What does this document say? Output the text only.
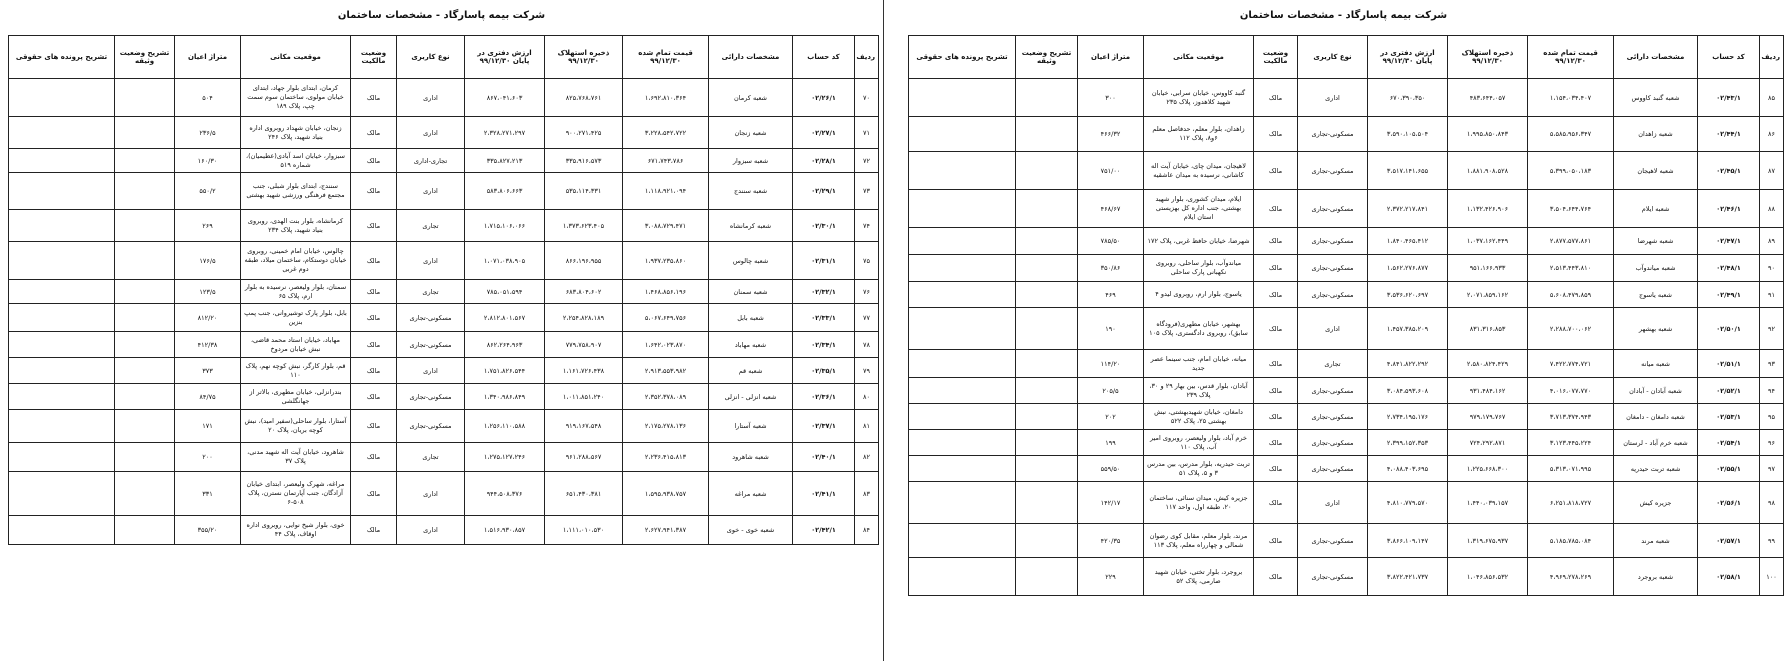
شرکت بیمه پاسارگاد - مشخصات ساختمان
ردیف	کد حساب	مشخصات دارائی	قیمت تمام شده ۹۹/۱۲/۳۰	ذخیره استهلاک ۹۹/۱۲/۳۰	ارزش دفتری در پایان ۹۹/۱۲/۳۰	نوع کاربری	وضعیت مالکیت	موقعیت مکانی	متراژ اعیان	تشریح وضعیت وثیقه	تشریح پرونده های حقوقی
۷۰	۰۲/۲۶/۱	شعبه کرمان	۱،۶۹۲،۸۱۰،۳۶۴	۸۲۵،۷۶۸،۷۶۱	۸۶۷،۰۴۱،۶۰۳	اداری	مالک	کرمان، ابتدای بلوار جهاد، ابتدای خیابان مولوی، ساختمان سوم سمت چپ، پلاک ۱۸۹	۵۰۴		
۷۱	۰۲/۲۷/۱	شعبه زنجان	۳،۲۲۸،۵۴۲،۷۲۲	۹۰۰،۲۷۱،۴۲۵	۲،۳۲۸،۲۷۱،۲۹۷	اداری	مالک	زنجان، خیابان شهداد روبروی اداره بنیاد شهید، پلاک ۲۴۶	۲۳۶/۵		
۷۲	۰۲/۲۸/۱	شعبه سبزوار	۶۷۱،۷۴۳،۷۸۶	۳۳۵،۹۱۶،۵۷۳	۳۳۵،۸۲۷،۲۱۳	تجاری-اداری	مالک	سبزوار، خیابان اسد آبادی(عطیمیان)، شماره ۵۱۹	۱۶۰/۳۰		
۷۳	۰۲/۲۹/۱	شعبه سنندج	۱،۱۱۸،۹۲۱،۰۹۴	۵۳۵،۱۱۴،۳۳۱	۵۸۳،۸۰۶،۶۶۳	اداری	مالک	سنندج، ابتدای بلوار شبلی، جنب مجتمع فرهنگی ورزشی شهید بهشتی	۵۵۰/۲		
۷۴	۰۲/۳۰/۱	شعبه کرمانشاه	۳،۰۸۸،۷۲۹،۴۷۱	۱،۳۷۳،۶۲۳،۴۰۵	۱،۷۱۵،۱۰۶،۰۶۶	تجاری	مالک	کرمانشاه، بلوار بنت الهدی، روبروی بنیاد شهید، پلاک ۲۳۴	۲۶۹		
۷۵	۰۲/۳۱/۱	شعبه چالوس	۱،۹۳۷،۲۳۵،۸۶۰	۸۶۶،۱۹۶،۹۵۵	۱،۰۷۱،۰۳۸،۹۰۵	اداری	مالک	چالوس، خیابان امام خمینی، روبروی خیابان دوستکام، ساختمان میلاد، طبقه دوم غربی	۱۷۶/۵		
۷۶	۰۲/۳۲/۱	شعبه سمنان	۱،۴۶۸،۸۵۶،۱۹۶	۶۸۳،۸۰۴،۶۰۲	۷۸۵،۰۵۱،۵۹۴	تجاری	مالک	سمنان، بلوار ولیعصر، نرسیده به بلوار ارم، پلاک ۶۵	۱۲۳/۵		
۷۷	۰۲/۳۳/۱	شعبه بابل	۵،۰۶۷،۶۴۹،۷۵۶	۲،۲۵۴،۸۲۸،۱۸۹	۲،۸۱۲،۸۰۱،۵۶۷	مسکونی-تجاری	مالک	بابل، بلوار پارک توشیروانی، جنب پمپ بنزین	۸۱۲/۲۰		
۷۸	۰۲/۳۴/۱	شعبه مهاباد	۱،۶۴۲،۰۲۳،۸۷۰	۷۷۹،۷۵۸،۹۰۷	۸۶۲،۲۶۴،۹۶۳	مسکونی-تجاری	مالک	مهاباد، خیابان استاد محمد قاضی، نبش خیابان مردوخ	۴۱۲/۳۸		
۷۹	۰۲/۳۵/۱	شعبه قم	۲،۹۱۳،۵۵۳،۹۸۲	۱،۱۶۱،۷۲۶،۴۳۸	۱،۷۵۱،۸۲۶،۵۴۴	اداری	مالک	قم، بلوار کارگر، نبش کوچه نهم، پلاک ۱۱۰	۳۷۳		
۸۰	۰۲/۳۶/۱	شعبه انزلی - انزلی	۲،۳۵۲،۳۷۸،۰۸۹	۱،۰۱۱،۸۵۱،۲۴۰	۱،۳۴۰،۹۸۶،۸۴۹	مسکونی-تجاری	مالک	بندرانزلی، خیابان مطهری، بالاتر از جهانگلشی	۸۴/۷۵		
۸۱	۰۲/۳۷/۱	شعبه آستارا	۲،۱۷۵،۲۷۸،۱۳۶	۹۱۹،۱۶۷،۵۴۸	۱،۲۵۶،۱۱۰،۵۸۸	مسکونی-تجاری	مالک	آستارا، بلوار ساحلی(سفیر امید)، نبش کوچه بریان، پلاک ۲۰	۱۷۱		
۸۲	۰۲/۴۰/۱	شعبه شاهرود	۲،۲۳۶،۴۱۵،۸۱۳	۹۶۱،۲۸۸،۵۶۷	۱،۲۷۵،۱۲۷،۲۴۶	تجاری	مالک	شاهرود، خیابان آیت اله شهید مدنی، پلاک ۳۷	۲۰۰		
۸۳	۰۲/۴۱/۱	شعبه مراغه	۱،۵۹۵،۹۳۸،۷۵۷	۶۵۱،۴۳۰،۳۸۱	۹۴۴،۵۰۸،۳۷۶	اداری	مالک	مراغه، شهرک ولیعصر، ابتدای خیابان آزادگان، جنب آپارتمان نسترن، پلاک ۵۰۸-۶	۳۳۱		
۸۴	۰۲/۴۲/۱	شعبه خوی - خوی	۲،۶۲۷،۹۴۱،۳۸۷	۱،۱۱۱،۰۱۰،۵۳۰	۱،۵۱۶،۹۳۰،۸۵۷	اداری	مالک	خوی، بلوار شیخ نوایی، روبروی اداره اوقاف، پلاک ۴۴	۳۵۵/۲۰		
شرکت بیمه پاسارگاد - مشخصات ساختمان
ردیف	کد حساب	مشخصات دارائی	قیمت تمام شده ۹۹/۱۲/۳۰	ذخیره استهلاک ۹۹/۱۲/۳۰	ارزش دفتری در پایان ۹۹/۱۲/۳۰	نوع کاربری	وضعیت مالکیت	موقعیت مکانی	متراژ اعیان	تشریح وضعیت وثیقه	تشریح پرونده های حقوقی
۸۵	۰۲/۴۳/۱	شعبه گنبد کاووس	۱،۱۵۴،۰۳۴،۴۰۷	۴۸۳،۶۴۴،۰۵۷	۶۷۰،۳۹۰،۳۵۰	اداری	مالک	گنبد کاووس، خیابان سرابی، خیابان شهید کلاهدوز، پلاک ۲۳۵	۳۰۰		
۸۶	۰۲/۴۴/۱	شعبه زاهدان	۵،۵۸۵،۹۵۶،۳۴۷	۱،۹۹۵،۸۵۰،۸۴۳	۳،۵۹۰،۱۰۵،۵۰۴	مسکونی-تجاری	مالک	زاهدان، بلوار معلم، حدفاصل معلم ۶و۸، پلاک ۱۱۲	۴۶۶/۳۲		
۸۷	۰۲/۴۵/۱	شعبه لاهیجان	۵،۳۹۹،۰۵۰،۱۸۳	۱،۸۸۱،۹۰۸،۵۲۸	۳،۵۱۷،۱۴۱،۶۵۵	مسکونی-تجاری	مالک	لاهیجان، میدان چای، خیابان آیت اله کاشانی، نرسیده به میدان عاشقیه	۷۵۱/۰۰		
۸۸	۰۲/۴۶/۱	شعبه ایلام	۳،۵۰۴،۶۴۴،۷۶۴	۱،۱۳۲،۴۲۶،۹۰۶	۲،۳۷۲،۲۱۷،۸۴۱	مسکونی-تجاری	مالک	ایلام، میدان کشوری، بلوار شهید بهشتی، جنب اداره کل بهزیستی استان ایلام	۴۶۸/۶۷		
۸۹	۰۲/۴۷/۱	شعبه شهرضا	۲،۸۷۷،۵۷۷،۸۶۱	۱،۰۳۷،۱۶۲،۴۴۹	۱،۸۴۰،۴۶۵،۴۱۲	مسکونی-تجاری	مالک	شهرضا، خیابان حافظ غربی، پلاک ۱۷۲	۷۸۵/۵۰		
۹۰	۰۲/۴۸/۱	شعبه میاندوآب	۲،۵۱۳،۴۴۳،۸۱۰	۹۵۱،۱۶۶،۹۳۳	۱،۵۶۲،۲۷۶،۸۷۷	مسکونی-تجاری	مالک	میاندوآب، بلوار ساحلی، روبروی نکهبانی پارک ساحلی	۳۵۰/۸۶		
۹۱	۰۲/۴۹/۱	شعبه یاسوج	۵،۶۰۸،۴۷۹،۸۵۹	۲،۰۷۱،۸۵۹،۱۶۲	۳،۵۳۶،۶۲۰،۶۹۷	مسکونی-تجاری	مالک	یاسوج، بلوار ارم، روبروی لیدو ۴	۴۶۹		
۹۲	۰۲/۵۰/۱	شعبه بهشهر	۲،۲۸۸،۷۰۰،۰۶۲	۸۳۱،۳۱۶،۸۵۳	۱،۴۵۷،۳۸۵،۲۰۹	اداری	مالک	بهشهر، خیابان مطهری(فرودگاه سابق)، روبروی دادگستری، پلاک ۱۰۵	۱۹۰		
۹۳	۰۲/۵۱/۱	شعبه میانه	۷،۴۲۲،۷۷۴،۷۲۱	۲،۵۸۰،۸۲۴،۴۲۹	۴،۸۴۱،۸۲۲،۲۹۲	تجاری	مالک	میانه، خیابان امام، جنب سینما عصر جدید	۱۱۴/۲۰		
۹۴	۰۲/۵۲/۱	شعبه آبادان - آبادان	۴،۰۱۶،۰۷۷،۷۷۰	۹۳۱،۴۸۴،۱۶۲	۳،۰۸۴،۵۹۳،۶۰۸	مسکونی-تجاری	مالک	آبادان، بلوار قدس، بین بهار ۲۹ و ۳۰، پلاک ۲۳۹	۲۰۵/۵		
۹۵	۰۲/۵۳/۱	شعبه دامغان - دامغان	۳،۷۱۳،۳۷۴،۹۴۳	۹۷۹،۱۷۹،۷۶۷	۲،۷۳۴،۱۹۵،۱۷۶	مسکونی-تجاری	مالک	دامغان، خیابان شهیدبهشتی، نبش بهشتی ۲۵، پلاک ۵۲۲	۲۰۲		
۹۶	۰۲/۵۴/۱	شعبه خرم آباد - لرستان	۳،۱۲۳،۴۴۵،۲۲۴	۷۲۴،۲۹۲،۸۷۱	۲،۳۹۹،۱۵۲،۳۵۳	مسکونی-تجاری	مالک	خرم آباد، بلوار ولیعصر، روبروی امیر آب، پلاک ۱۱۰	۱۹۹		
۹۷	۰۲/۵۵/۱	شعبه تربت حیدریه	۵،۳۱۳،۰۷۱،۹۹۵	۱،۲۲۵،۶۶۸،۳۰۰	۴،۰۸۸،۴۰۳،۶۹۵	مسکونی-تجاری	مالک	تربت حیدریه، بلوار مدرس، بین مدرس ۳ و ۵، پلاک ۵۱	۵۵۹/۵۰		
۹۸	۰۲/۵۶/۱	جزیره کیش	۶،۲۵۱،۸۱۸،۷۲۷	۱،۴۴۰،۰۳۹،۱۵۷	۴،۸۱۰،۷۷۹،۵۷۰	اداری	مالک	جزیره کیش، میدان سنائی، ساختمان ۲۰، طبقه اول، واحد ۱۱۷	۱۴۲/۱۷		
۹۹	۰۲/۵۷/۱	شعبه مرند	۵،۱۸۵،۷۸۵،۰۸۴	۱،۳۱۹،۶۷۵،۹۳۷	۳،۸۶۶،۱۰۹،۱۴۷	مسکونی-تجاری	مالک	مرند، بلوار معلم، مقابل کوی رضوان شمالی و چهارراه معلم، پلاک ۱۱۳	۴۲۰/۳۵		
۱۰۰	۰۲/۵۸/۱	شعبه بروجرد	۴،۹۶۹،۲۷۸،۲۶۹	۱،۰۴۶،۸۵۶،۵۳۲	۳،۸۲۲،۴۲۱،۷۳۷	مسکونی-تجاری	مالک	بروجرد، بلوار تختی، خیابان شهید صارمی، پلاک ۵۲	۲۲۹		
